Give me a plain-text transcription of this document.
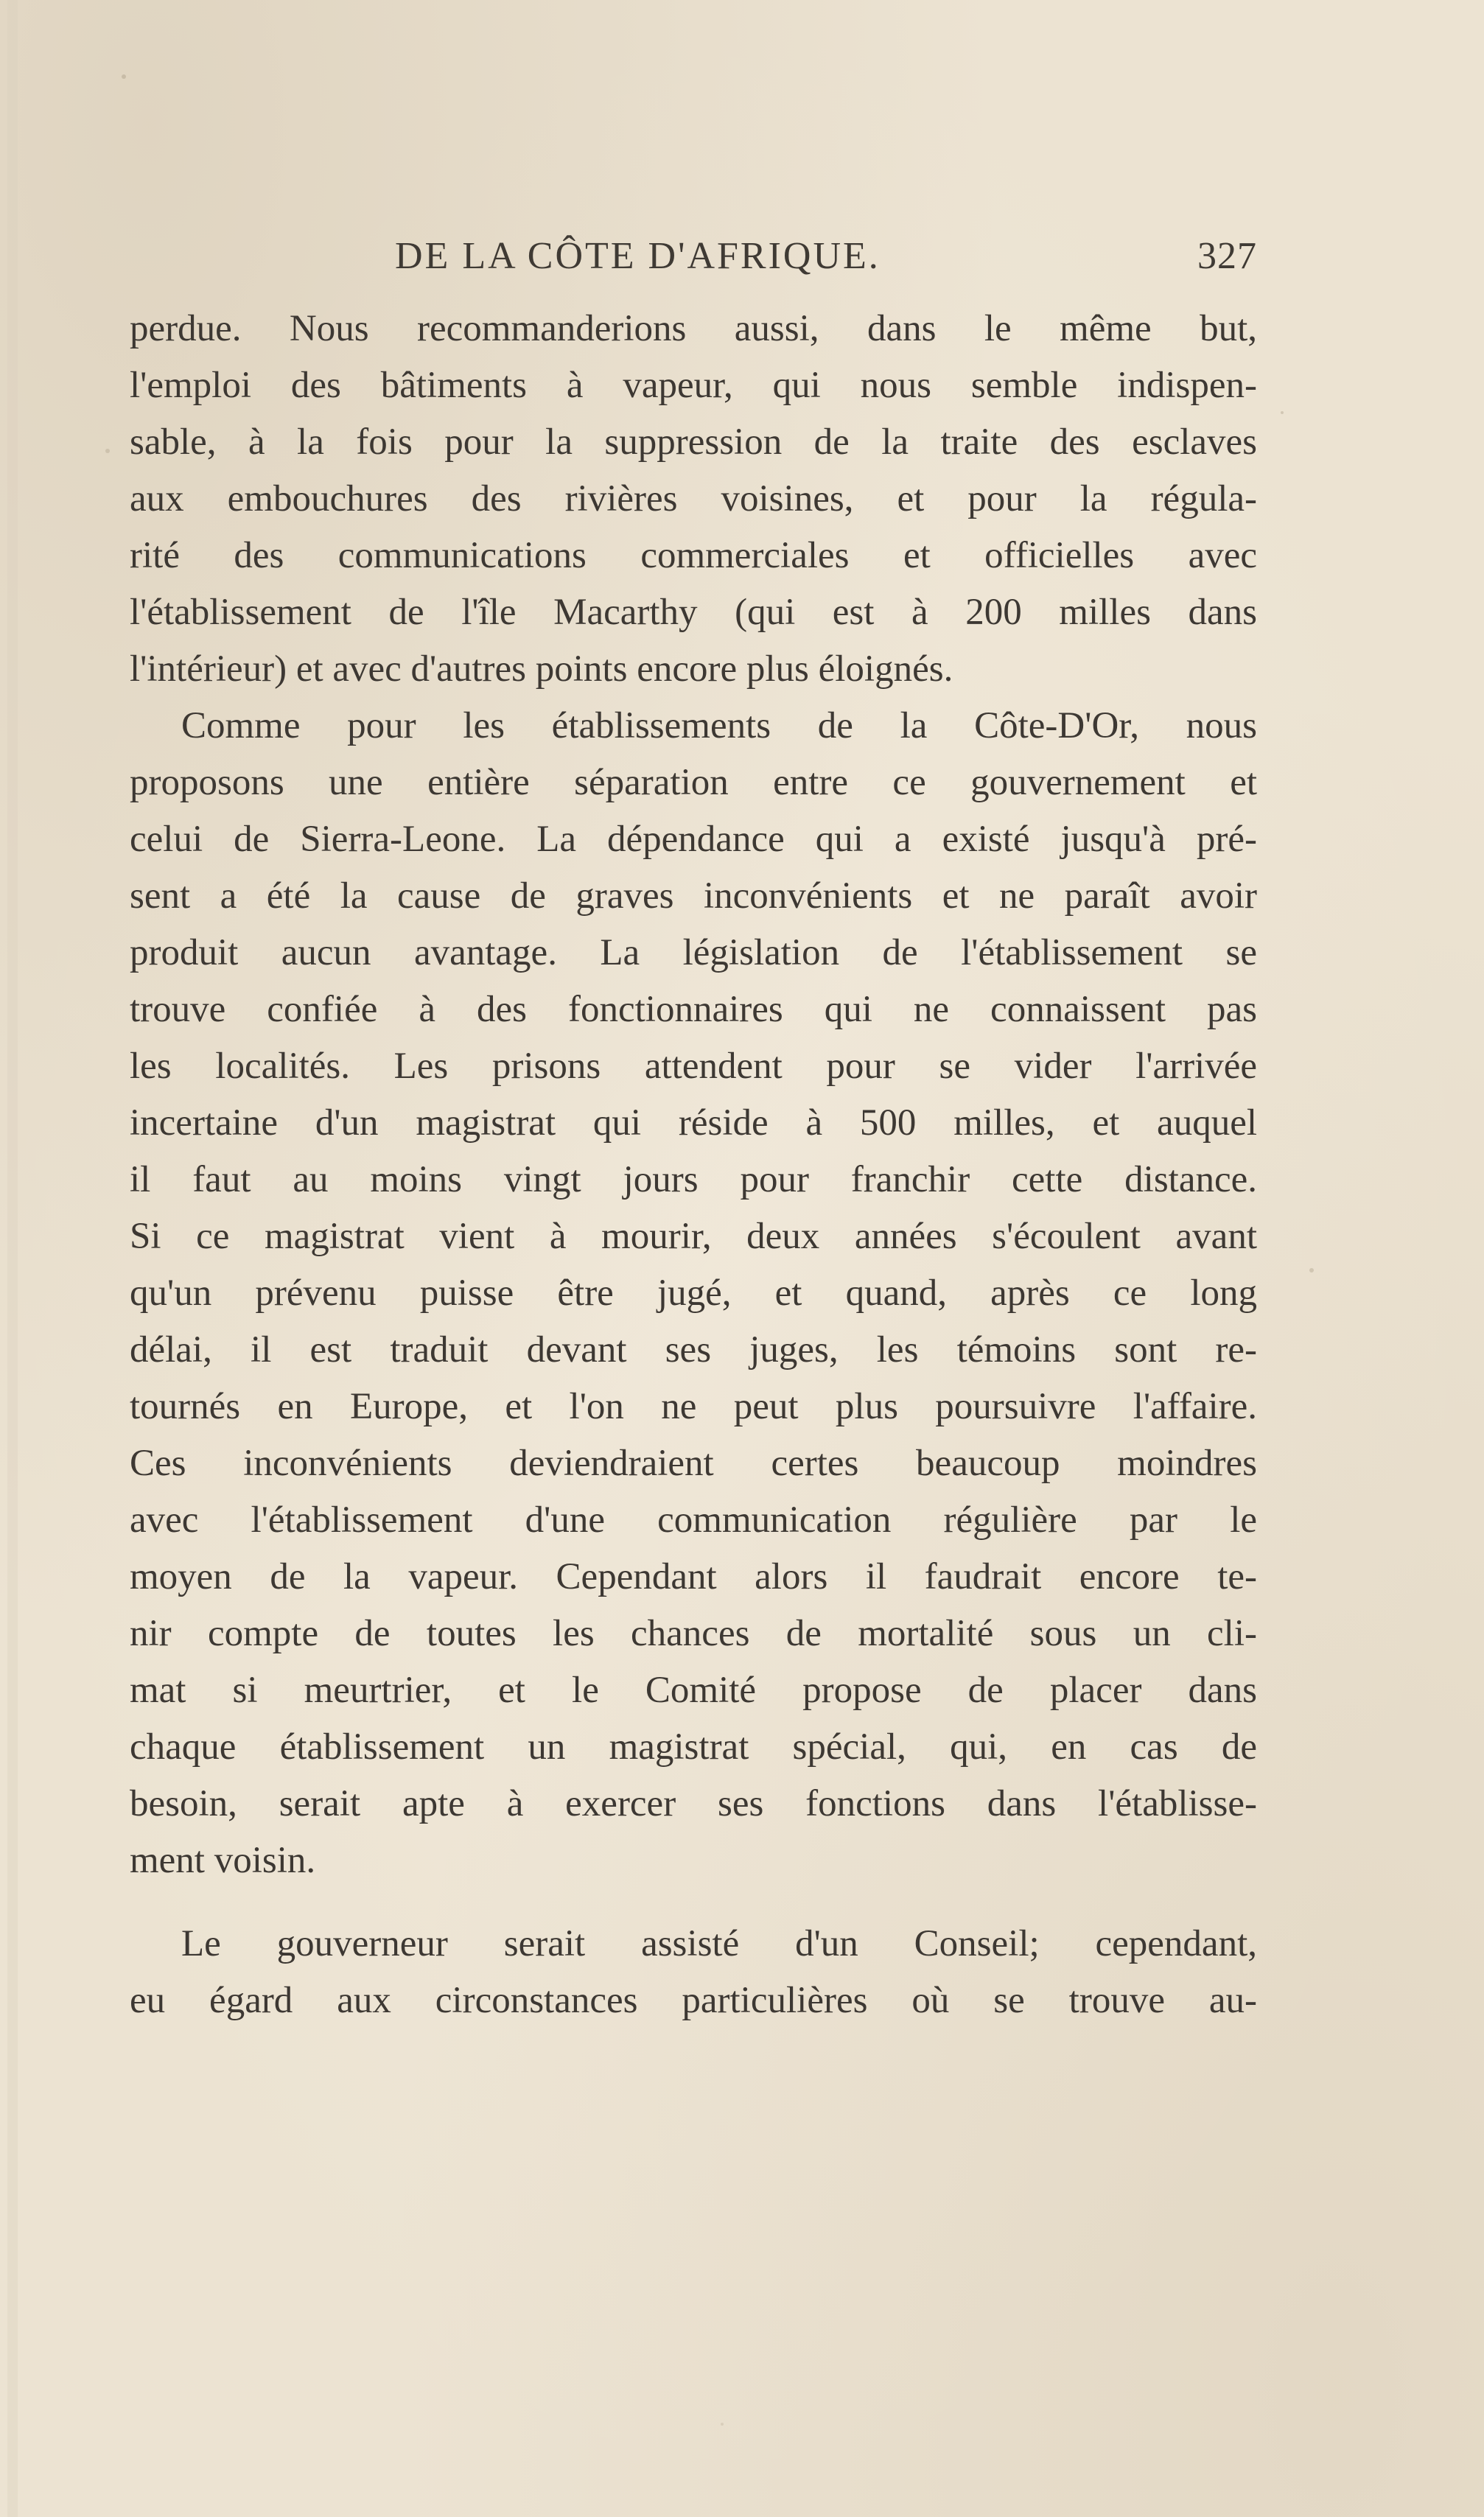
DE LA CÔTE D'AFRIQUE.	327
perdue. Nous recommanderions aussi, dans le même but,
l'emploi des bâtiments à vapeur, qui nous semble indispen-
sable, à la fois pour la suppression de la traite des esclaves
aux embouchures des rivières voisines, et pour la régula-
rité des communications commerciales et officielles avec
l'établissement de l'île Macarthy (qui est à 200 milles dans
l'intérieur) et avec d'autres points encore plus éloignés.
Comme pour les établissements de la Côte-D'Or, nous
proposons une entière séparation entre ce gouvernement et
celui de Sierra-Leone. La dépendance qui a existé jusqu'à pré-
sent a été la cause de graves inconvénients et ne paraît avoir
produit aucun avantage. La législation de l'établissement se
trouve confiée à des fonctionnaires qui ne connaissent pas
les localités. Les prisons attendent pour se vider l'arrivée
incertaine d'un magistrat qui réside à 500 milles, et auquel
il faut au moins vingt jours pour franchir cette distance.
Si ce magistrat vient à mourir, deux années s'écoulent avant
qu'un prévenu puisse être jugé, et quand, après ce long
délai, il est traduit devant ses juges, les témoins sont re-
tournés en Europe, et l'on ne peut plus poursuivre l'affaire.
Ces inconvénients deviendraient certes beaucoup moindres
avec l'établissement d'une communication régulière par le
moyen de la vapeur. Cependant alors il faudrait encore te-
nir compte de toutes les chances de mortalité sous un cli-
mat si meurtrier, et le Comité propose de placer dans
chaque établissement un magistrat spécial, qui, en cas de
besoin, serait apte à exercer ses fonctions dans l'établisse-
ment voisin.
Le gouverneur serait assisté d'un Conseil; cependant,
eu égard aux circonstances particulières où se trouve au-
